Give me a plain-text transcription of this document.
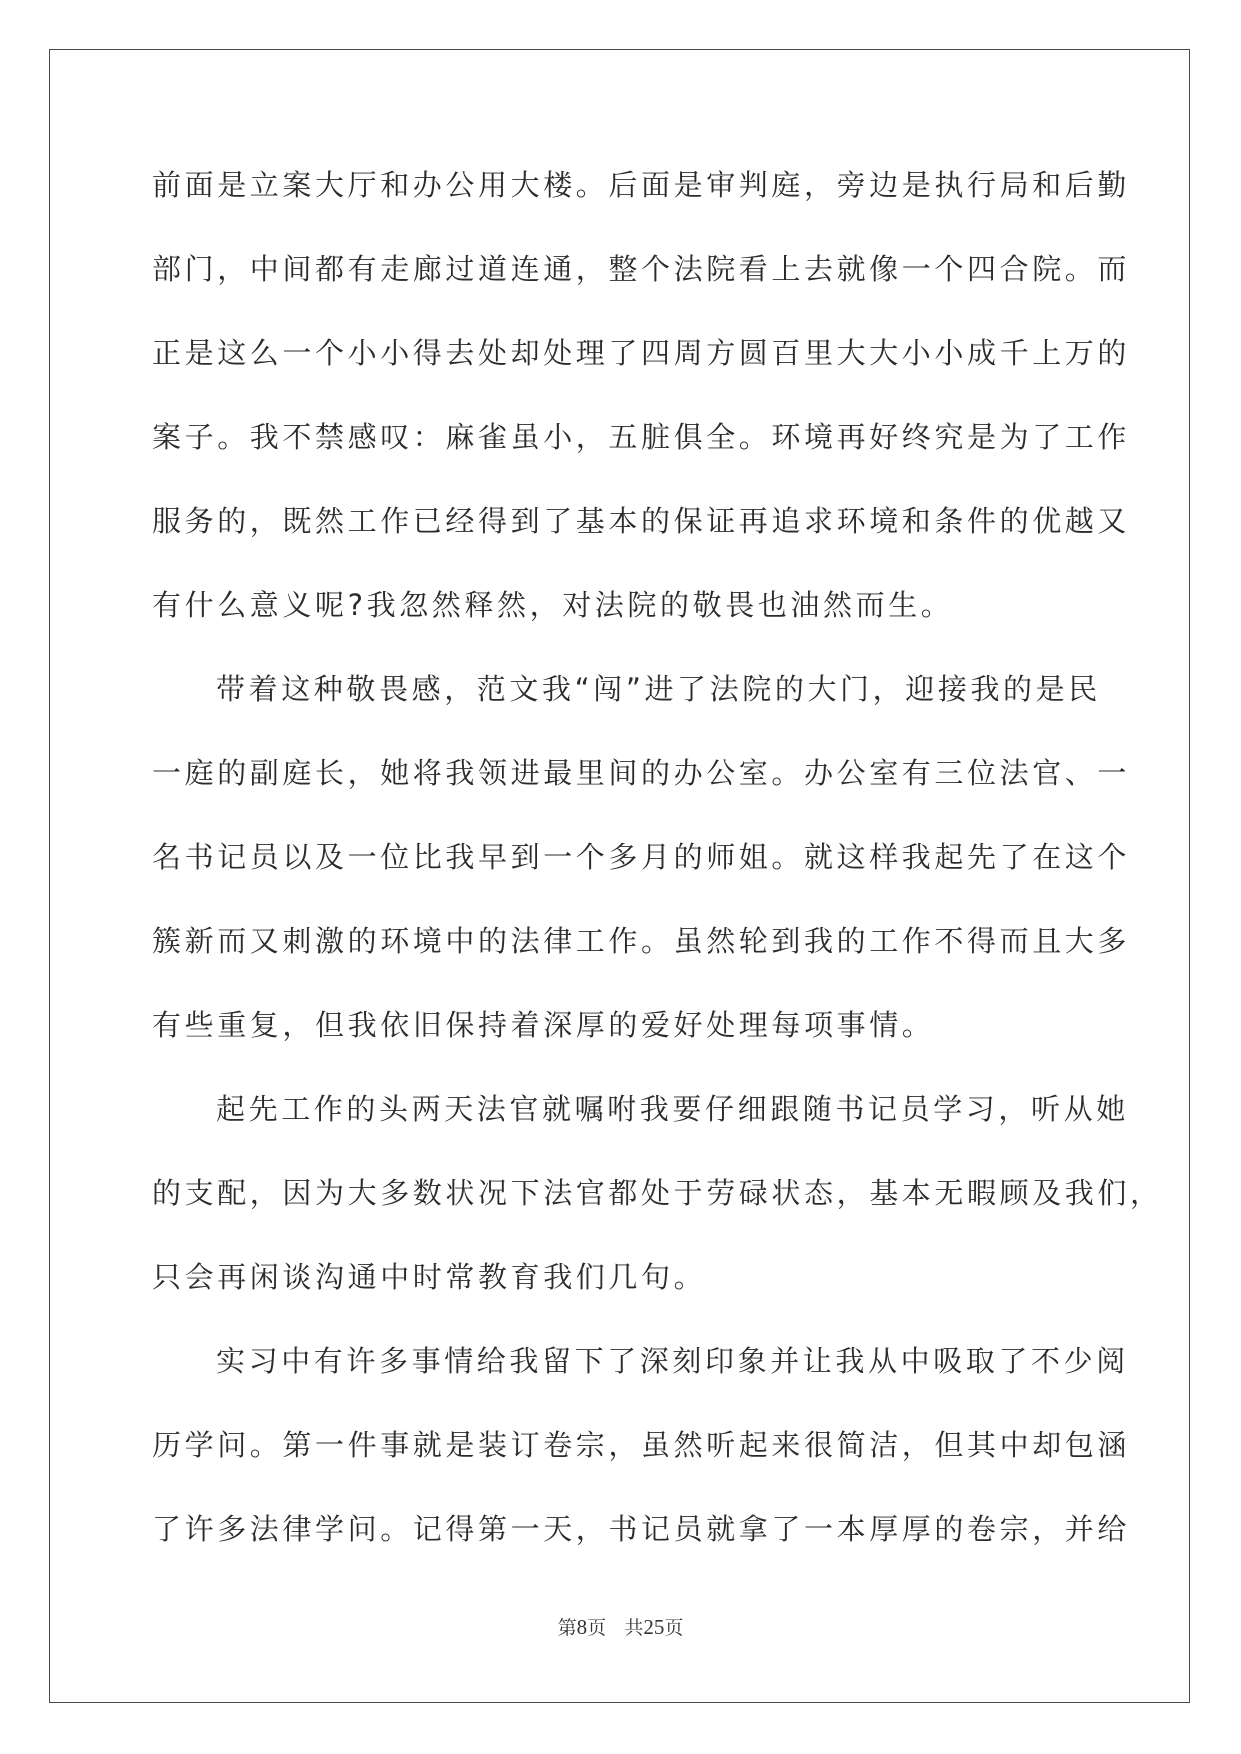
前面是立案大厅和办公用大楼。后面是审判庭，旁边是执行局和后勤
部门，中间都有走廊过道连通，整个法院看上去就像一个四合院。而
正是这么一个小小得去处却处理了四周方圆百里大大小小成千上万的
案子。我不禁感叹：麻雀虽小，五脏俱全。环境再好终究是为了工作
服务的，既然工作已经得到了基本的保证再追求环境和条件的优越又
有什么意义呢?我忽然释然，对法院的敬畏也油然而生。
带着这种敬畏感，范文我“闯”进了法院的大门，迎接我的是民
一庭的副庭长，她将我领进最里间的办公室。办公室有三位法官、一
名书记员以及一位比我早到一个多月的师姐。就这样我起先了在这个
簇新而又刺激的环境中的法律工作。虽然轮到我的工作不得而且大多
有些重复，但我依旧保持着深厚的爱好处理每项事情。
起先工作的头两天法官就嘱咐我要仔细跟随书记员学习，听从她
的支配，因为大多数状况下法官都处于劳碌状态，基本无暇顾及我们，
只会再闲谈沟通中时常教育我们几句。
实习中有许多事情给我留下了深刻印象并让我从中吸取了不少阅
历学问。第一件事就是装订卷宗，虽然听起来很简洁，但其中却包涵
了许多法律学问。记得第一天，书记员就拿了一本厚厚的卷宗，并给
第8页 共25页
